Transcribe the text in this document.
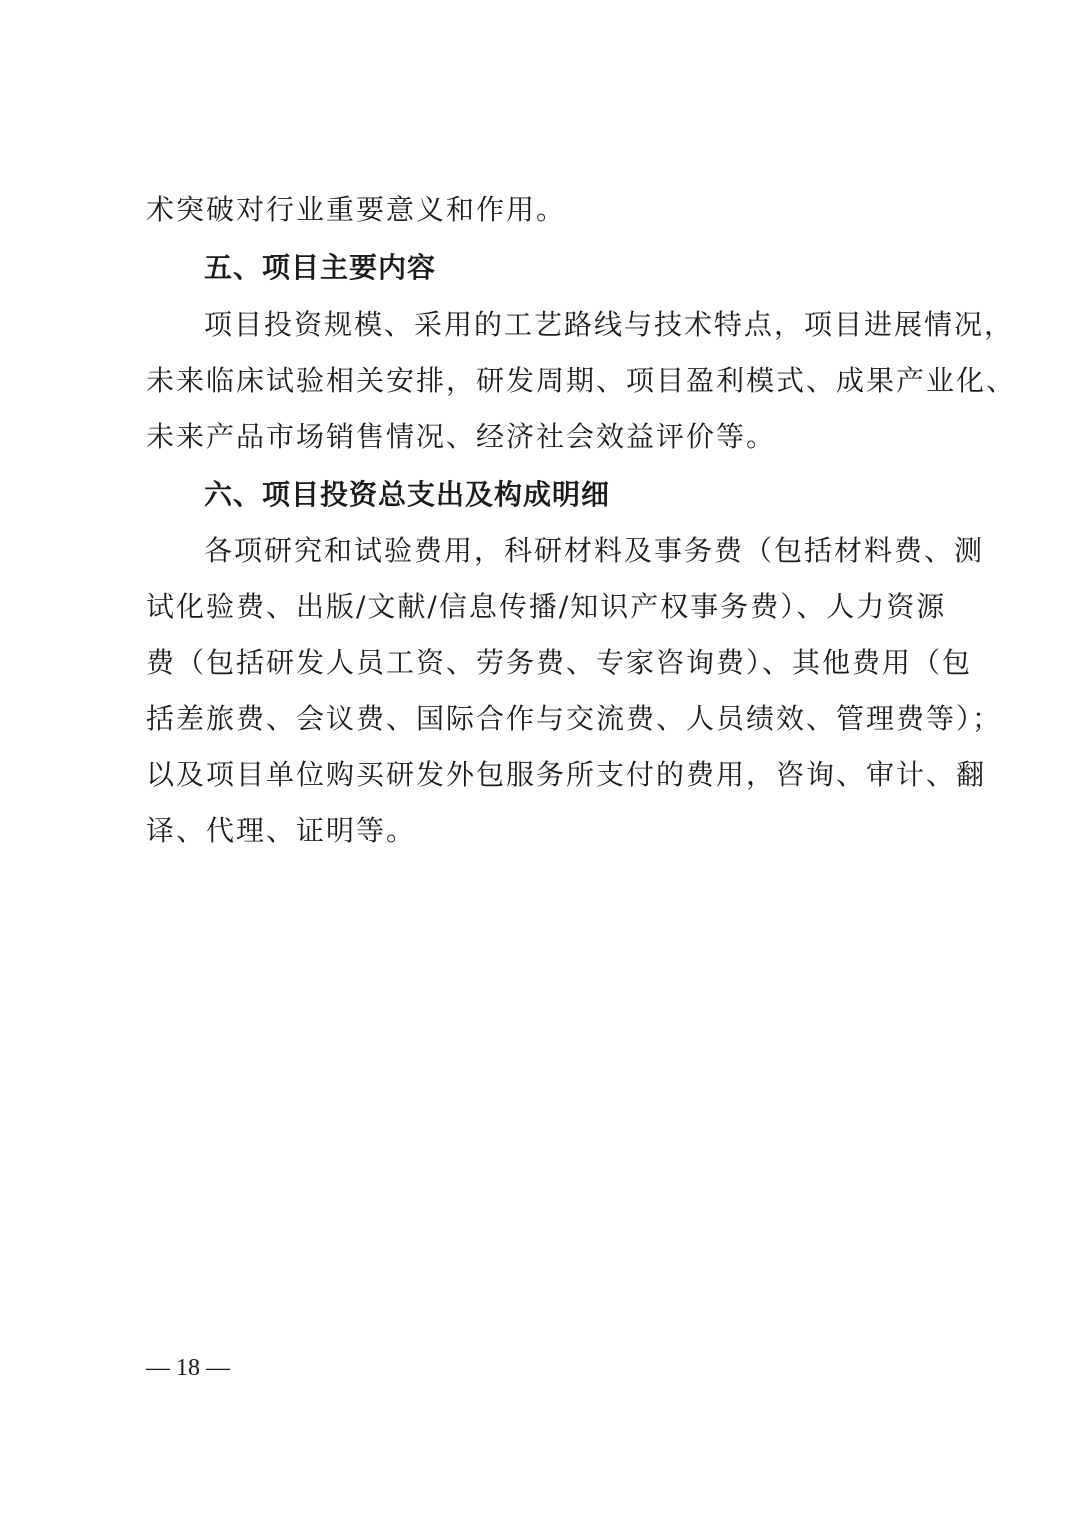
术突破对行业重要意义和作用。
五、项目主要内容
项目投资规模、采用的工艺路线与技术特点，项目进展情况，
未来临床试验相关安排，研发周期、项目盈利模式、成果产业化、
未来产品市场销售情况、经济社会效益评价等。
六、项目投资总支出及构成明细
各项研究和试验费用，科研材料及事务费（包括材料费、测
试化验费、出版/文献/信息传播/知识产权事务费）、人力资源
费（包括研发人员工资、劳务费、专家咨询费）、其他费用（包
括差旅费、会议费、国际合作与交流费、人员绩效、管理费等）；
以及项目单位购买研发外包服务所支付的费用，咨询、审计、翻
译、代理、证明等。
— 18 —
